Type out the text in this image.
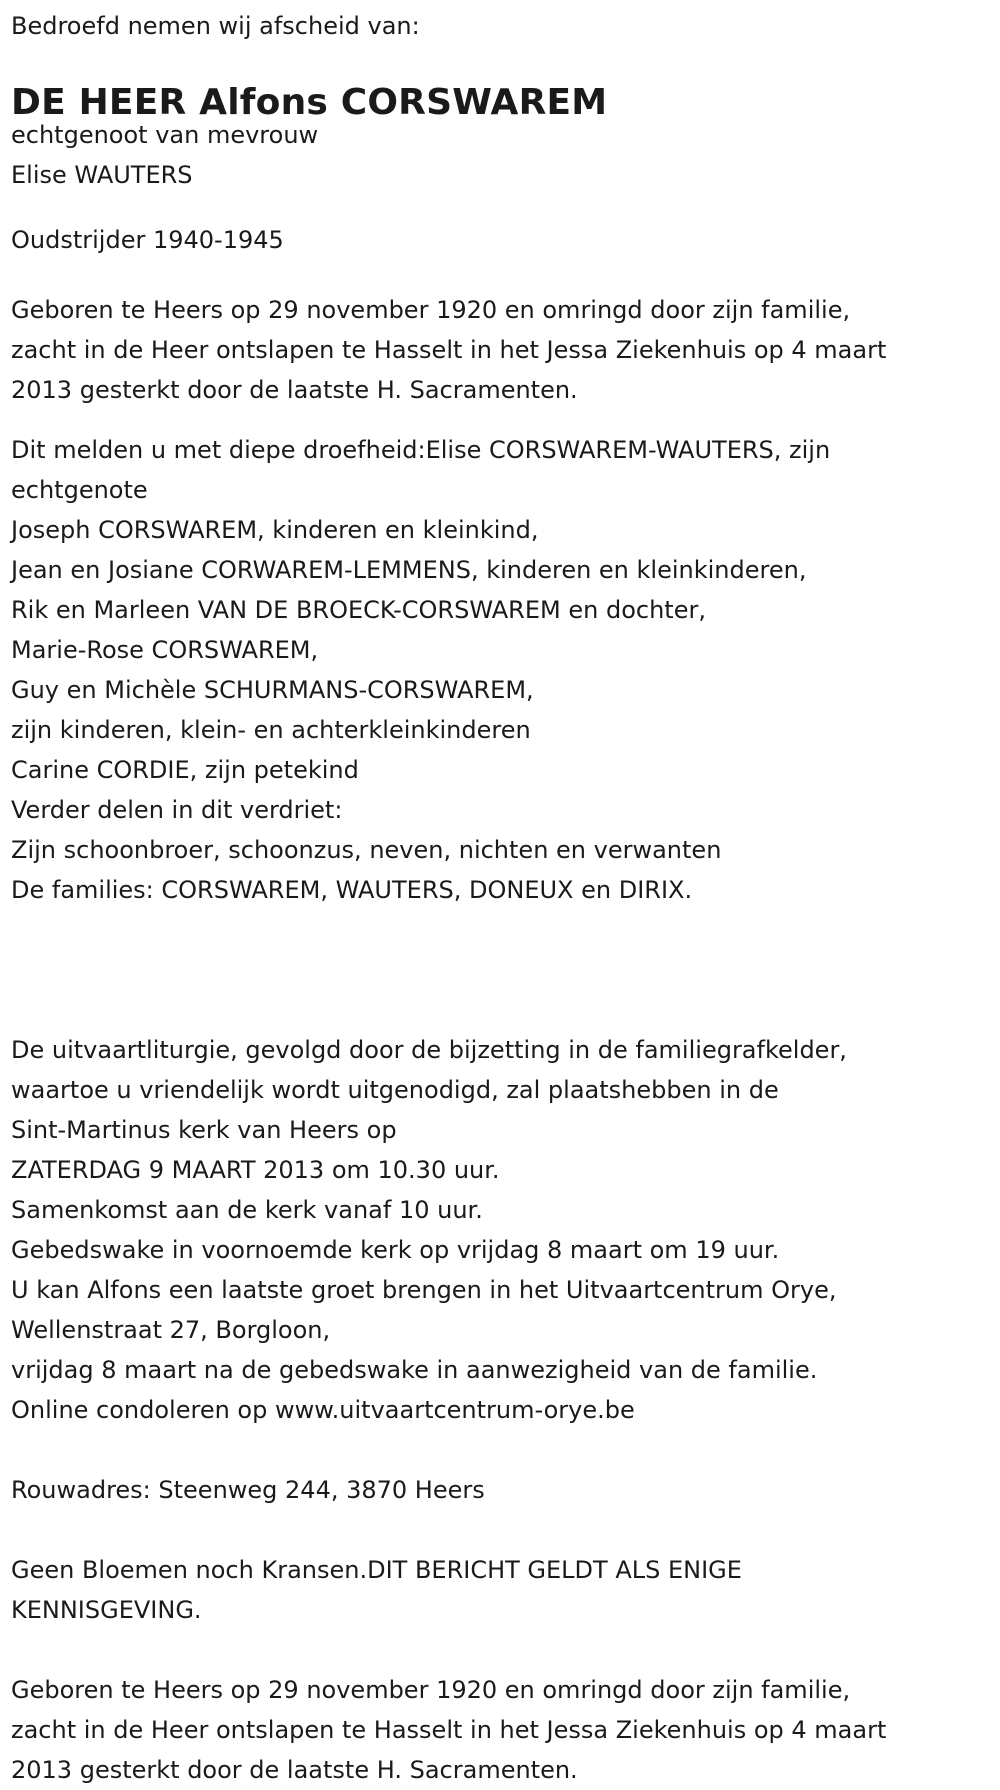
Bedroefd nemen wij afscheid van:

DE HEER Alfons CORSWAREM

echtgenoot van mevrouw

Elise WAUTERS

Oudstrijder 1940-1945

Geboren te Heers op 29 november 1920 en omringd door zijn familie,

zacht in de Heer ontslapen te Hasselt in het Jessa Ziekenhuis op 4 maart

2013 gesterkt door de laatste H. Sacramenten.

Dit melden u met diepe droefheid:Elise CORSWAREM-WAUTERS, zijn

echtgenote

Joseph CORSWAREM, kinderen en kleinkind,

Jean en Josiane CORWAREM-LEMMENS, kinderen en kleinkinderen,

Rik en Marleen VAN DE BROECK-CORSWAREM en dochter,

Marie-Rose CORSWAREM,

Guy en Michèle SCHURMANS-CORSWAREM,

zijn kinderen, klein- en achterkleinkinderen

Carine CORDIE, zijn petekind

Verder delen in dit verdriet:

Zijn schoonbroer, schoonzus, neven, nichten en verwanten

De families: CORSWAREM, WAUTERS, DONEUX en DIRIX.

De uitvaartliturgie, gevolgd door de bijzetting in de familiegrafkelder,

waartoe u vriendelijk wordt uitgenodigd, zal plaatshebben in de

Sint-Martinus kerk van Heers op

ZATERDAG 9 MAART 2013 om 10.30 uur.

Samenkomst aan de kerk vanaf 10 uur.

Gebedswake in voornoemde kerk op vrijdag 8 maart om 19 uur.

U kan Alfons een laatste groet brengen in het Uitvaartcentrum Orye,

Wellenstraat 27, Borgloon,

vrijdag 8 maart na de gebedswake in aanwezigheid van de familie.

Online condoleren op www.uitvaartcentrum-orye.be

Rouwadres: Steenweg 244, 3870 Heers

Geen Bloemen noch Kransen.DIT BERICHT GELDT ALS ENIGE

KENNISGEVING.

Geboren te Heers op 29 november 1920 en omringd door zijn familie,

zacht in de Heer ontslapen te Hasselt in het Jessa Ziekenhuis op 4 maart

2013 gesterkt door de laatste H. Sacramenten.
